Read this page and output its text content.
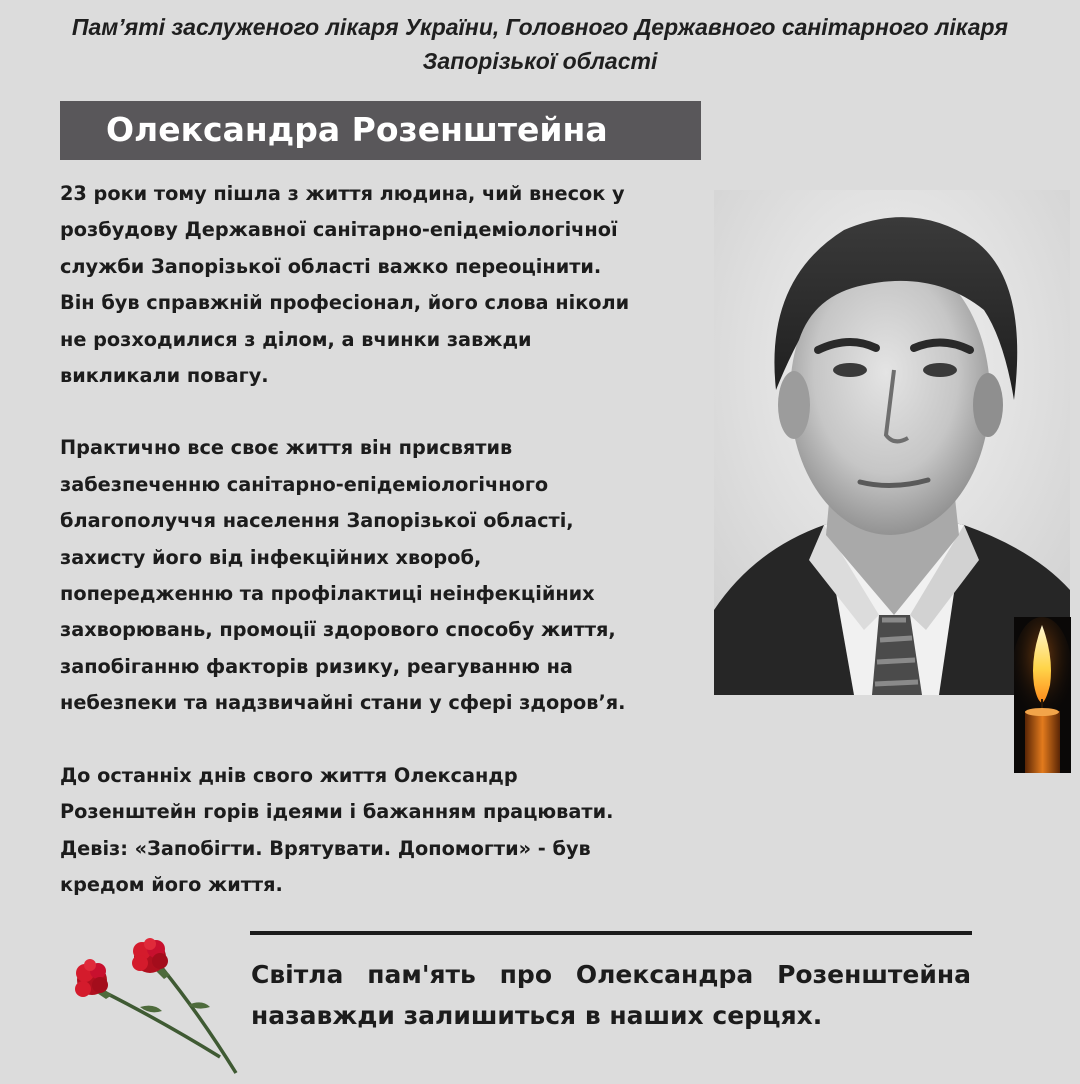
Пам’яті заслуженого лікаря України, Головного Державного санітарного лікаря
Запорізької області
Олександра Розенштейна
23 роки тому пішла з життя людина, чий внесок у
розбудову Державної санітарно-епідеміологічної
служби Запорізької області важко переоцінити.
Він був справжній професіонал, його слова ніколи
не розходилися з ділом, а вчинки завжди
викликали повагу.
Практично все своє життя він присвятив
забезпеченню санітарно-епідеміологічного
благополуччя населення Запорізької області,
захисту його від інфекційних хвороб,
попередженню та профілактиці неінфекційних
захворювань, промоції здорового способу життя,
запобіганню факторів ризику, реагуванню на
небезпеки та надзвичайні стани у сфері здоров’я.
До останніх днів свого життя Олександр
Розенштейн горів ідеями і бажанням працювати.
Девіз: «Запобігти. Врятувати. Допомогти» - був
кредом його життя.
Світла пам'ять про Олександра Розенштейна
назавжди залишиться в наших серцях.
